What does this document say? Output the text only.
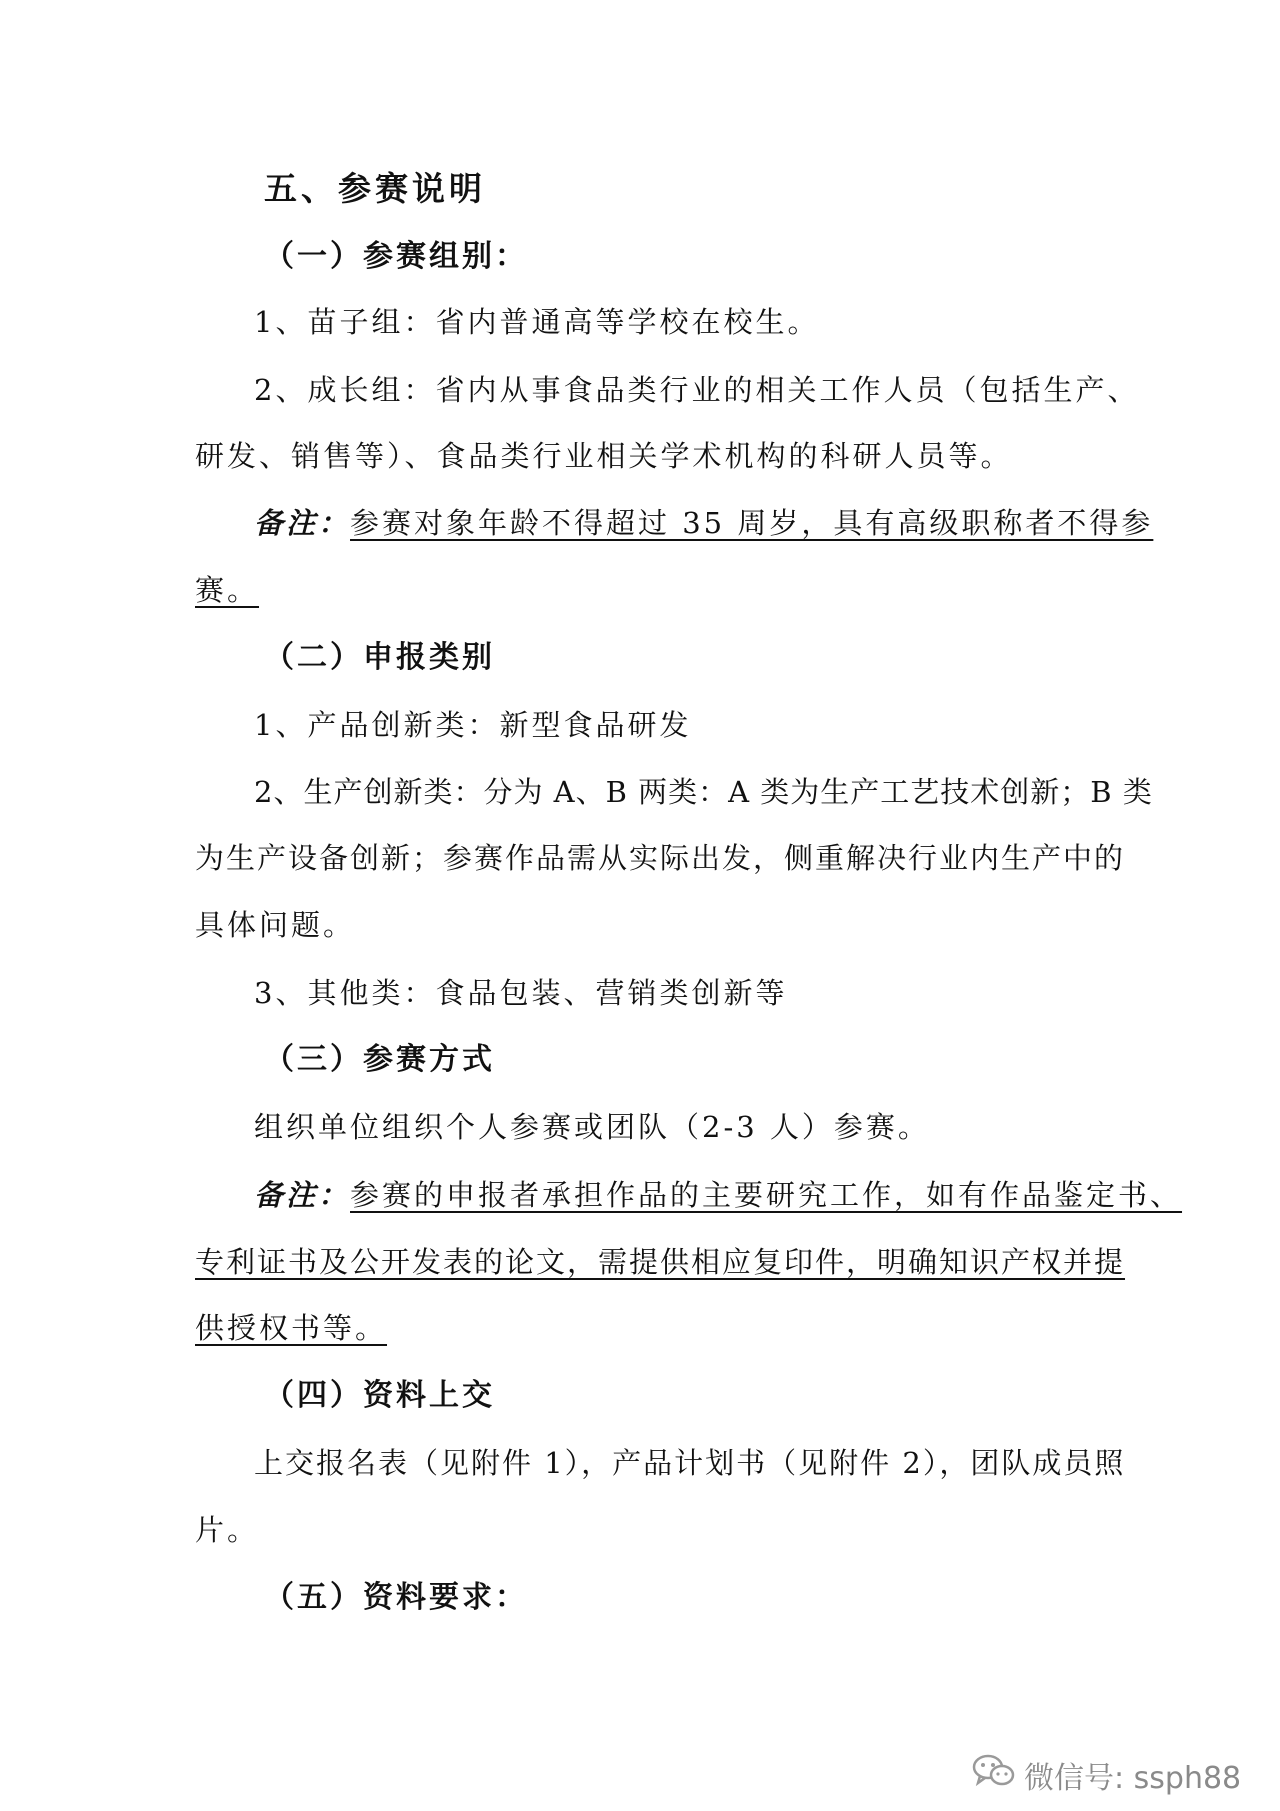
五、参赛说明
（一）参赛组别：
1、苗子组：省内普通高等学校在校生。
2、成长组：省内从事食品类行业的相关工作人员（包括生产、
研发、销售等）、食品类行业相关学术机构的科研人员等。
备注：参赛对象年龄不得超过 35 周岁，具有高级职称者不得参
赛。
（二）申报类别
1、产品创新类：新型食品研发
2、生产创新类：分为 A、B 两类：A 类为生产工艺技术创新；B 类
为生产设备创新；参赛作品需从实际出发，侧重解决行业内生产中的
具体问题。
3、其他类：食品包装、营销类创新等
（三）参赛方式
组织单位组织个人参赛或团队（2-3 人）参赛。
备注：参赛的申报者承担作品的主要研究工作，如有作品鉴定书、
专利证书及公开发表的论文，需提供相应复印件，明确知识产权并提
供授权书等。
（四）资料上交
上交报名表（见附件 1），产品计划书（见附件 2），团队成员照
片。
（五）资料要求：
微信号: ssph88
